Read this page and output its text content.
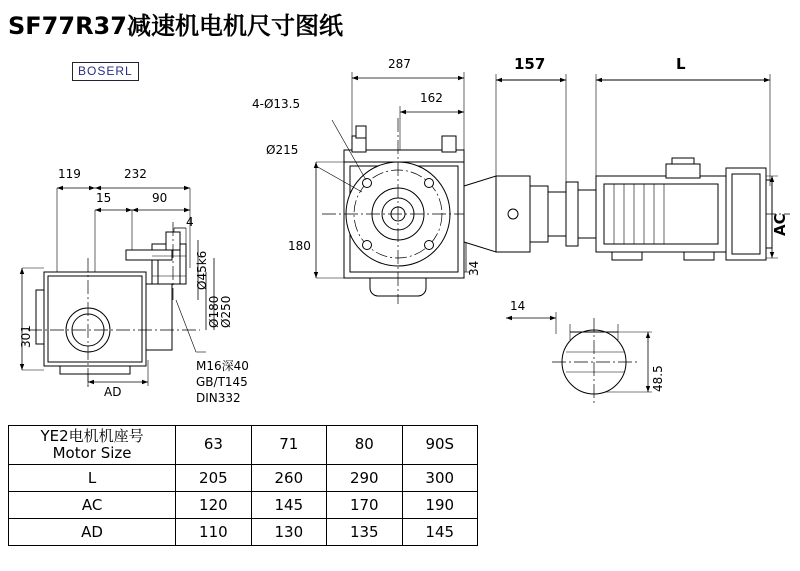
SF77R37减速机电机尺寸图纸
BOSERL	287
162
157	L
4-Ø13.5
Ø215
180
34
AC
14
48.5
119	232
15	90
4
Ø45k6
Ø180
Ø250
301
AD
M16深40
GB/T145
DIN332
YE2电机机座号
Motor Size	63	71	80	90S
L	205	260	290	300
AC	120	145	170	190
AD	110	130	135	145
